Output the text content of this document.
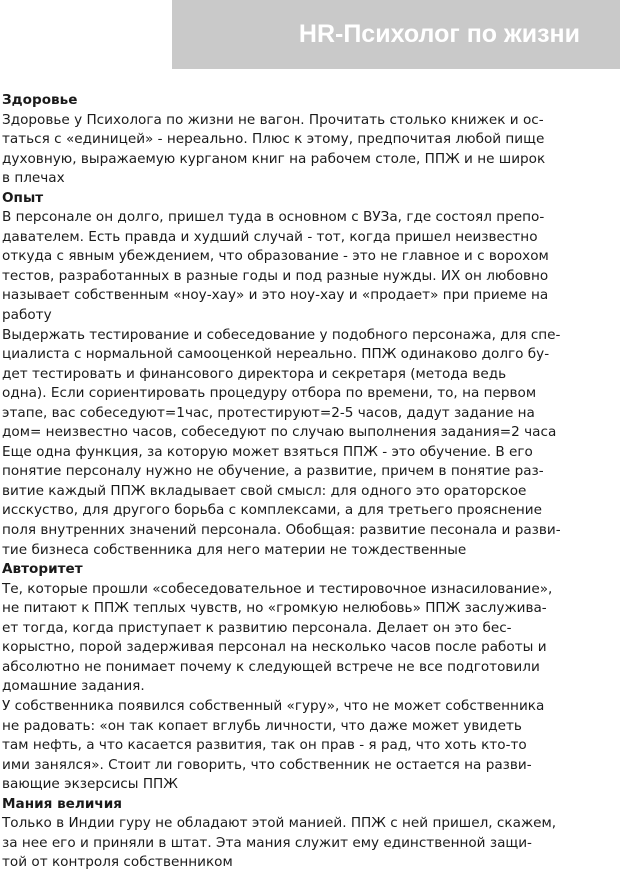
HR-Психолог по жизни
Здоровье
Здоровье у Психолога по жизни не вагон. Прочитать столько книжек и ос-
таться с «единицей» - нереально. Плюс к этому, предпочитая любой пище
духовную, выражаемую курганом книг на рабочем столе, ППЖ и не широк
в плечах
Опыт
В персонале он долго, пришел туда в основном с ВУЗа, где состоял препо-
давателем. Есть правда и худший случай - тот, когда пришел неизвестно
откуда с явным убеждением, что образование - это не главное и с ворохом
тестов, разработанных в разные годы и под разные нужды. ИХ он любовно
называет собственным «ноу-хау» и это ноу-хау и «продает» при приеме на
работу
Выдержать тестирование и собеседование у подобного персонажа, для спе-
циалиста с нормальной самооценкой нереально. ППЖ одинаково долго бу-
дет тестировать и финансового директора и секретаря (метода ведь
одна). Если сориентировать процедуру отбора по времени, то, на первом
этапе, вас собеседуют=1час, протестируют=2-5 часов, дадут задание на
дом= неизвестно часов, собеседуют по случаю выполнения задания=2 часа
Еще одна функция, за которую может взяться ППЖ - это обучение. В его
понятие персоналу нужно не обучение, а развитие, причем в понятие раз-
витие каждый ППЖ вкладывает свой смысл: для одного это ораторское
исскуство, для другого борьба с комплексами, а для третьего прояснение
поля внутренних значений персонала. Обобщая: развитие песонала и разви-
тие бизнеса собственника для него материи не тождественные
Авторитет
Те, которые прошли «собеседовательное и тестировочное изнасилование»,
не питают к ППЖ теплых чувств, но «громкую нелюбовь» ППЖ заслужива-
ет тогда, когда приступает к развитию персонала. Делает он это бес-
корыстно, порой задерживая персонал на несколько часов после работы и
абсолютно не понимает почему к следующей встрече не все подготовили
домашние задания.
У собственника появился собственный «гуру», что не может собственника
не радовать: «он так копает вглубь личности, что даже может увидеть
там нефть, а что касается развития, так он прав - я рад, что хоть кто-то
ими занялся». Стоит ли говорить, что собственник не остается на разви-
вающие экзерсисы ППЖ
Мания величия
Только в Индии гуру не обладают этой манией. ППЖ с ней пришел, скажем,
за нее его и приняли в штат. Эта мания служит ему единственной защи-
той от контроля собственником
